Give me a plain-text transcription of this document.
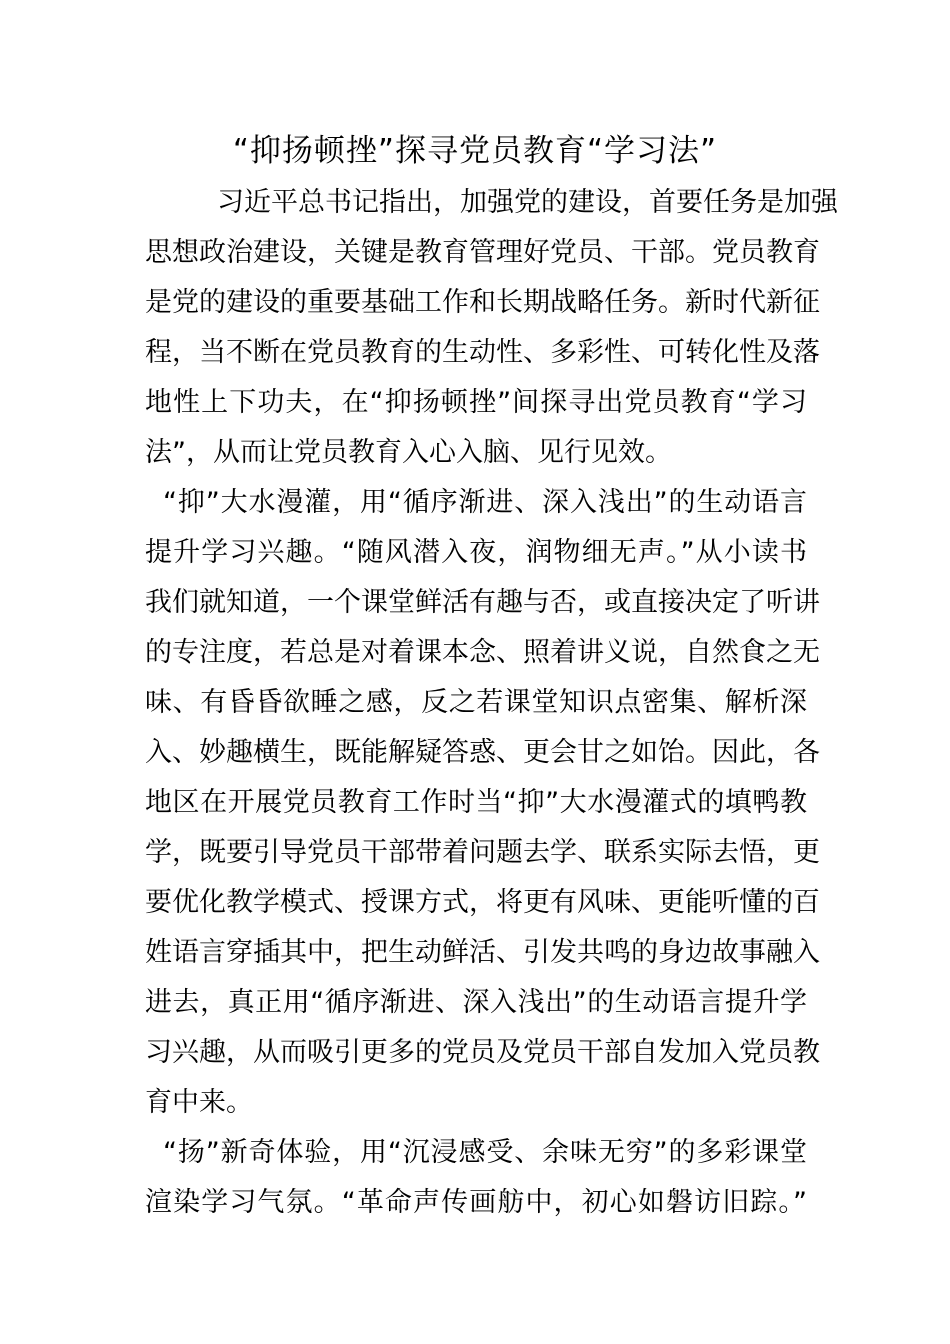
“抑扬顿挫”探寻党员教育“学习法”
习近平总书记指出，加强党的建设，首要任务是加强
思想政治建设，关键是教育管理好党员、干部。党员教育
是党的建设的重要基础工作和长期战略任务。新时代新征
程，当不断在党员教育的生动性、多彩性、可转化性及落
地性上下功夫，在“抑扬顿挫”间探寻出党员教育“学习
法”，从而让党员教育入心入脑、见行见效。
“抑”大水漫灌，用“循序渐进、深入浅出”的生动语言
提升学习兴趣。“随风潜入夜，润物细无声。”从小读书
我们就知道，一个课堂鲜活有趣与否，或直接决定了听讲
的专注度，若总是对着课本念、照着讲义说，自然食之无
味、有昏昏欲睡之感，反之若课堂知识点密集、解析深
入、妙趣横生，既能解疑答惑、更会甘之如饴。因此，各
地区在开展党员教育工作时当“抑”大水漫灌式的填鸭教
学，既要引导党员干部带着问题去学、联系实际去悟，更
要优化教学模式、授课方式，将更有风味、更能听懂的百
姓语言穿插其中，把生动鲜活、引发共鸣的身边故事融入
进去，真正用“循序渐进、深入浅出”的生动语言提升学
习兴趣，从而吸引更多的党员及党员干部自发加入党员教
育中来。
“扬”新奇体验，用“沉浸感受、余味无穷”的多彩课堂
渲染学习气氛。“革命声传画舫中，初心如磐访旧踪。”
